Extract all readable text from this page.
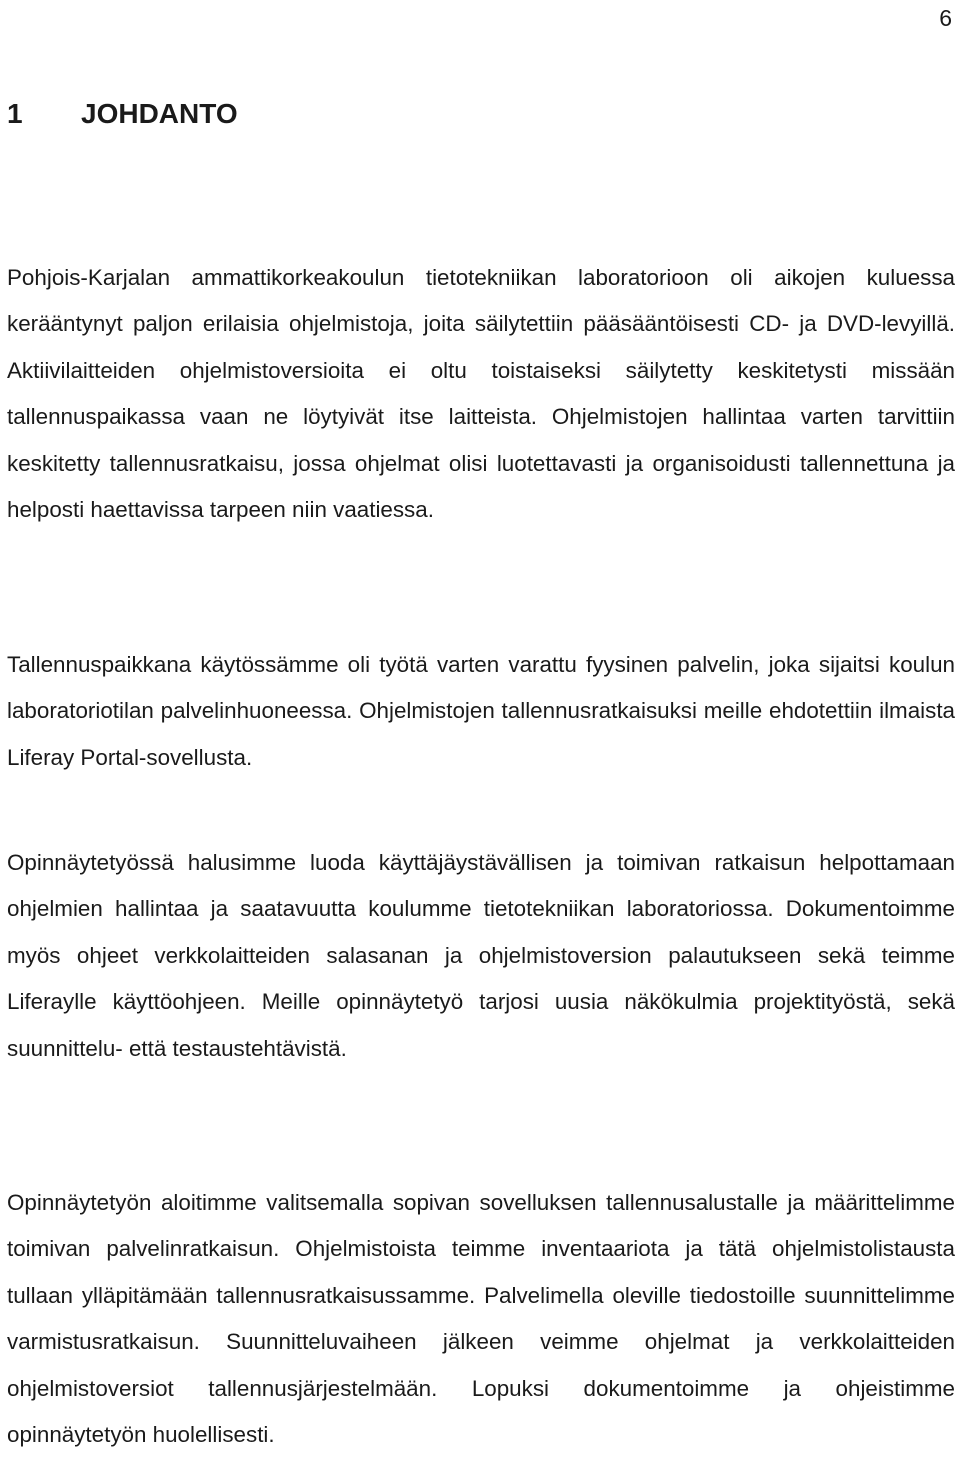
6
1	JOHDANTO

Pohjois-Karjalan ammattikorkeakoulun tietotekniikan laboratorioon oli aikojen kuluessa kerääntynyt paljon erilaisia ohjelmistoja, joita säilytettiin pääsääntöisesti CD- ja DVD-levyillä. Aktiivilaitteiden ohjelmistoversioita ei oltu toistaiseksi säilytetty keskitetysti missään tallennuspaikassa vaan ne löytyivät itse laitteista. Ohjelmistojen hallintaa varten tarvittiin keskitetty tallennusratkaisu, jossa ohjelmat olisi luotettavasti ja organisoidusti tallennettuna ja helposti haettavissa tarpeen niin vaatiessa.

Tallennuspaikkana käytössämme oli työtä varten varattu fyysinen palvelin, joka sijaitsi koulun laboratoriotilan palvelinhuoneessa. Ohjelmistojen tallennusratkaisuksi meille ehdotettiin ilmaista Liferay Portal-sovellusta.

Opinnäytetyössä halusimme luoda käyttäjäystävällisen ja toimivan ratkaisun helpottamaan ohjelmien hallintaa ja saatavuutta koulumme tietotekniikan laboratoriossa. Dokumentoimme myös ohjeet verkkolaitteiden salasanan ja ohjelmistoversion palautukseen sekä teimme Liferaylle käyttöohjeen. Meille opinnäytetyö tarjosi uusia näkökulmia projektityöstä, sekä suunnittelu- että testaustehtävistä.

Opinnäytetyön aloitimme valitsemalla sopivan sovelluksen tallennusalustalle ja määrittelimme toimivan palvelinratkaisun. Ohjelmistoista teimme inventaariota ja tätä ohjelmistolistausta tullaan ylläpitämään tallennusratkaisussamme. Palvelimella oleville tiedostoille suunnittelimme varmistusratkaisun. Suunnitteluvaiheen jälkeen veimme ohjelmat ja verkkolaitteiden ohjelmistoversiot tallennusjärjestelmään. Lopuksi dokumentoimme ja ohjeistimme opinnäytetyön huolellisesti.
